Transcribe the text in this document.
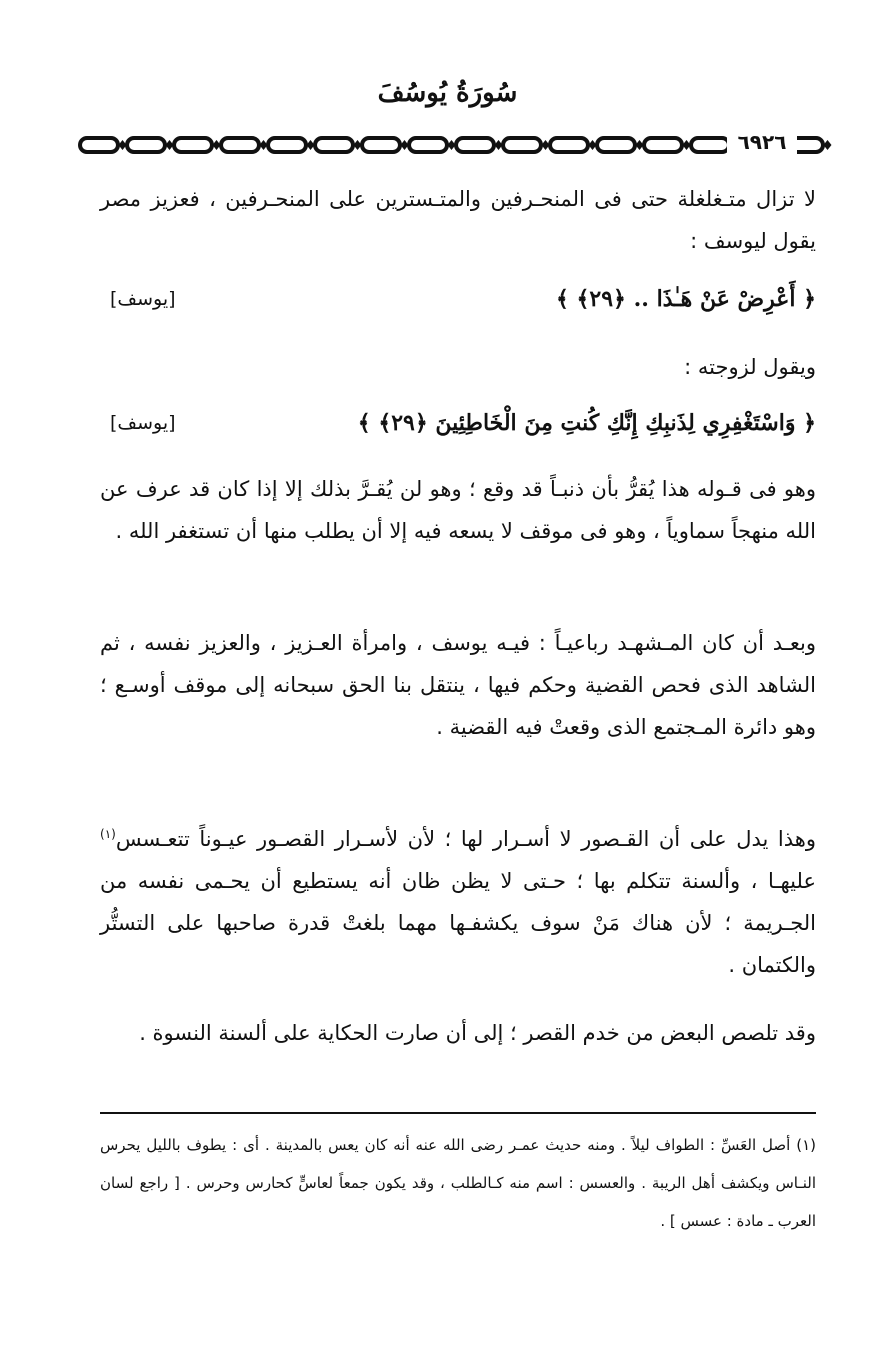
سُورَةُ يُوسُفَ
٦٩٢٦
لا تزال متـغلغلة حتى فى المنحـرفين والمتـسترين على المنحـرفين ، فعزيز مصر يقول ليوسف :
﴿ أَعْرِضْ عَنْ هَـٰذَا .. ﴿٢٩﴾ ﴾
[يوسف]
ويقول لزوجته :
﴿ وَاسْتَغْفِرِي لِذَنبِكِ إِنَّكِ كُنتِ مِنَ الْخَاطِئِينَ ﴿٢٩﴾ ﴾
[يوسف]
وهو فى قـوله هذا يُقرُّ بأن ذنبـاً قد وقع ؛ وهو لن يُقـرَّ بذلك إلا إذا كان قد عرف عن الله منهجاً سماوياً ، وهو فى موقف لا يسعه فيه إلا أن يطلب منها أن تستغفر الله .
وبعـد أن كان المـشهـد رباعيـاً : فيـه يوسف ، وامرأة العـزيز ، والعزيز نفسه ، ثم الشاهد الذى فحص القضية وحكم فيها ، ينتقل بنا الحق سبحانه إلى موقف أوسـع ؛ وهو دائرة المـجتمع الذى وقعتْ فيه القضية .
وهذا يدل على أن القـصور لا أسـرار لها ؛ لأن لأسـرار القصـور عيـوناً تتعـسس$^{(١)}$ عليهـا ، وألسنة تتكلم بها ؛ حـتى لا يظن ظان أنه يستطيع أن يحـمى نفسه من الجـريمة ؛ لأن هناك مَنْ سوف يكشفـها مهما بلغتْ قدرة صاحبها على التستُّر والكتمان .
وقد تلصص البعض من خدم القصر ؛ إلى أن صارت الحكاية على ألسنة النسوة .
(١) أصل العَسِّ : الطواف ليلاً . ومنه حديث عمـر رضى الله عنه أنه كان يعس بالمدينة . أى : يطوف بالليل يحرس النـاس ويكشف أهل الريبة . والعسس : اسم منه كـالطلب ، وقد يكون جمعاً لعاسٍّ كحارس وحرس . [ راجع لسان العرب ـ مادة : عسس ] .
